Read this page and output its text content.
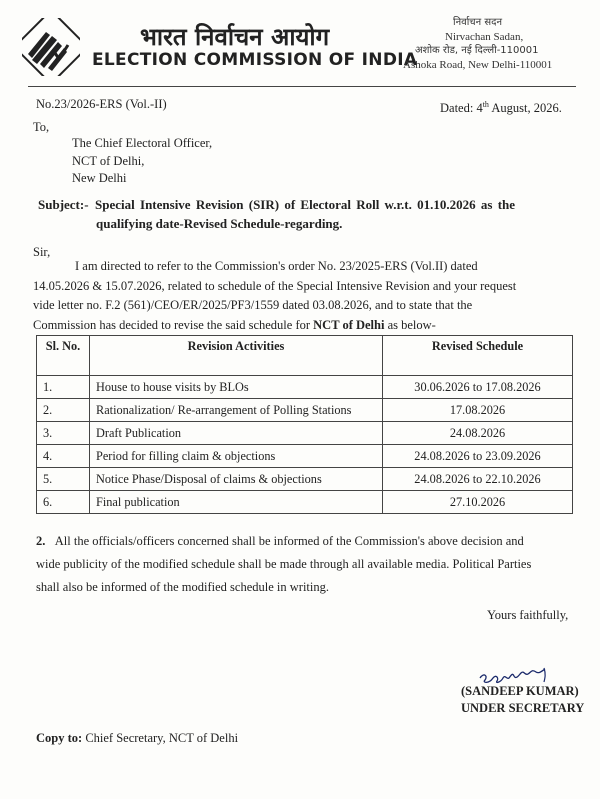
भारत निर्वाचन आयोग
ELECTION COMMISSION OF INDIA
निर्वाचन सदन
Nirvachan Sadan,
अशोक रोड, नई दिल्ली-110001
Ashoka Road, New Delhi-110001
No.23/2026-ERS (Vol.-II)	Dated: 4th August, 2026.
To,
The Chief Electoral Officer,
NCT of Delhi,
New Delhi
Subject:- Special Intensive Revision (SIR) of Electoral Roll w.r.t. 01.10.2026 as the
qualifying date-Revised Schedule-regarding.
Sir,
I am directed to refer to the Commission's order No. 23/2025-ERS (Vol.II) dated
14.05.2026 & 15.07.2026, related to schedule of the Special Intensive Revision and your request
vide letter no. F.2 (561)/CEO/ER/2025/PF3/1559 dated 03.08.2026, and to state that the
Commission has decided to revise the said schedule for NCT of Delhi as below-
Sl. No.	Revision Activities	Revised Schedule
1.	House to house visits by BLOs	30.06.2026 to 17.08.2026
2.	Rationalization/ Re-arrangement of Polling Stations	17.08.2026
3.	Draft Publication	24.08.2026
4.	Period for filling claim & objections	24.08.2026 to 23.09.2026
5.	Notice Phase/Disposal of claims & objections	24.08.2026 to 22.10.2026
6.	Final publication	27.10.2026
2. All the officials/officers concerned shall be informed of the Commission's above decision and
wide publicity of the modified schedule shall be made through all available media. Political Parties
shall also be informed of the modified schedule in writing.
Yours faithfully,
(SANDEEP KUMAR)
UNDER SECRETARY
Copy to: Chief Secretary, NCT of Delhi
